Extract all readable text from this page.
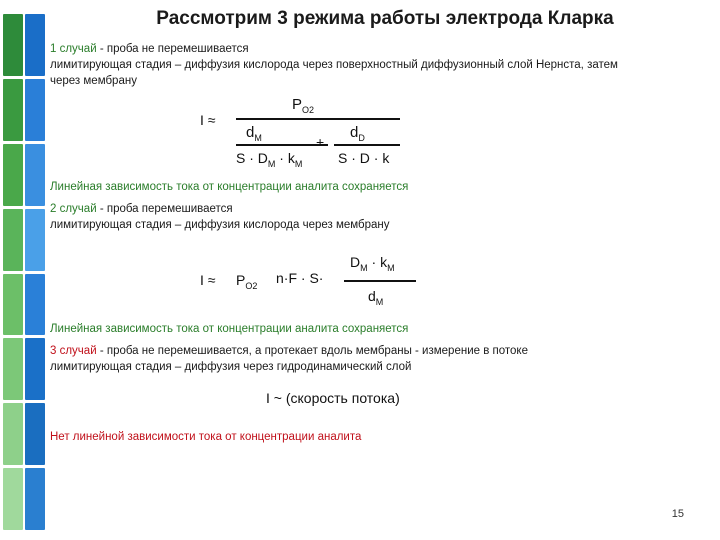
Рассмотрим 3 режима работы электрода Кларка
1 случай - проба не перемешивается
лимитирующая стадия – диффузия кислорода через поверхностный диффузионный слой Нернста, затем
через мембрану
I ≈
$P_{O2}$
$d_M$
$S \cdot D_M \cdot k_M$
+
$d_D$
S · D · k
Линейная зависимость тока от концентрации аналита сохраняется
2 случай - проба перемешивается
лимитирующая стадия – диффузия кислорода через мембрану
$I \approx P_{O2}$ n·F · S·
$D_M \cdot k_M$
$d_M$
Линейная зависимость тока от концентрации аналита сохраняется
3 случай - проба не перемешивается, а протекает вдоль мембраны - измерение в потоке
лимитирующая стадия – диффузия через гидродинамический слой
I ~ (скорость потока)
Нет линейной зависимости тока от концентрации аналита
15
